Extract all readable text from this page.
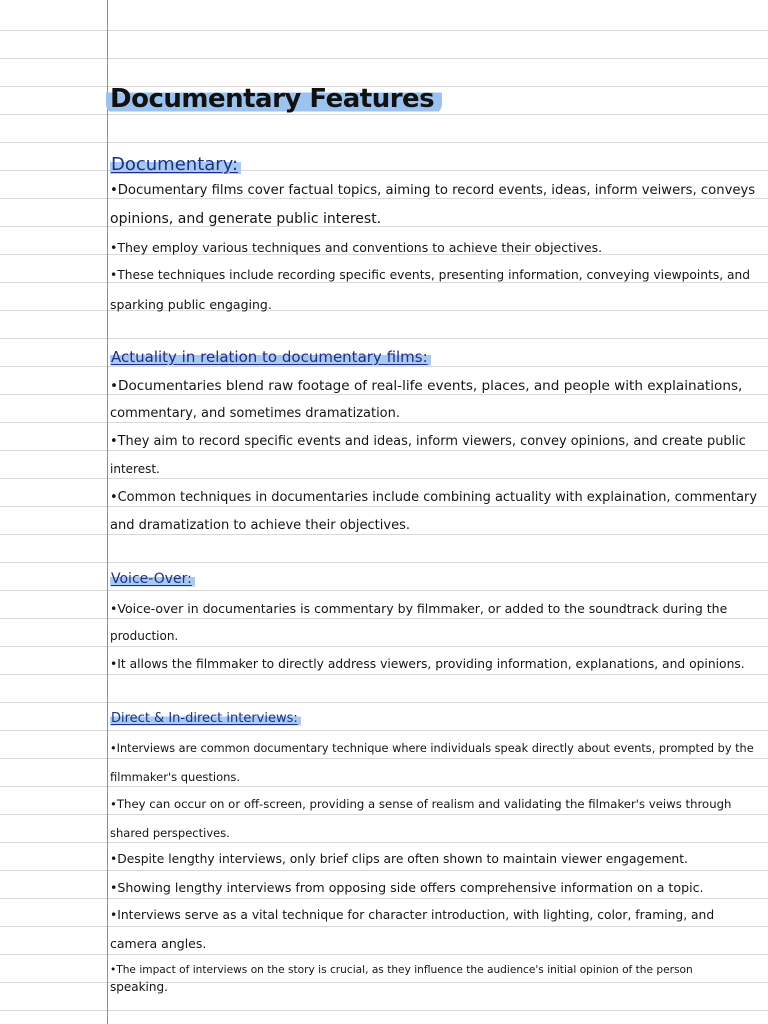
Documentary Features
Documentary:
•Documentary films cover factual topics, aiming to record events, ideas, inform veiwers, conveys
opinions, and generate public interest.
•They employ various techniques and conventions to achieve their objectives.
•These techniques include recording specific events, presenting information, conveying viewpoints, and
sparking public engaging.
Actuality in relation to documentary films:
•Documentaries blend raw footage of real-life events, places, and people with explainations,
commentary, and sometimes dramatization.
•They aim to record specific events and ideas, inform viewers, convey opinions, and create public
interest.
•Common techniques in documentaries include combining actuality with explaination, commentary
and dramatization to achieve their objectives.
Voice-Over:
•Voice-over in documentaries is commentary by filmmaker, or added to the soundtrack during the
production.
•It allows the filmmaker to directly address viewers, providing information, explanations, and opinions.
Direct & In-direct interviews:
•Interviews are common documentary technique where individuals speak directly about events, prompted by the
filmmaker's questions.
•They can occur on or off-screen, providing a sense of realism and validating the filmaker's veiws through
shared perspectives.
•Despite lengthy interviews, only brief clips are often shown to maintain viewer engagement.
•Showing lengthy interviews from opposing side offers comprehensive information on a topic.
•Interviews serve as a vital technique for character introduction, with lighting, color, framing, and
camera angles.
•The impact of interviews on the story is crucial, as they influence the audience's initial opinion of the person
speaking.
